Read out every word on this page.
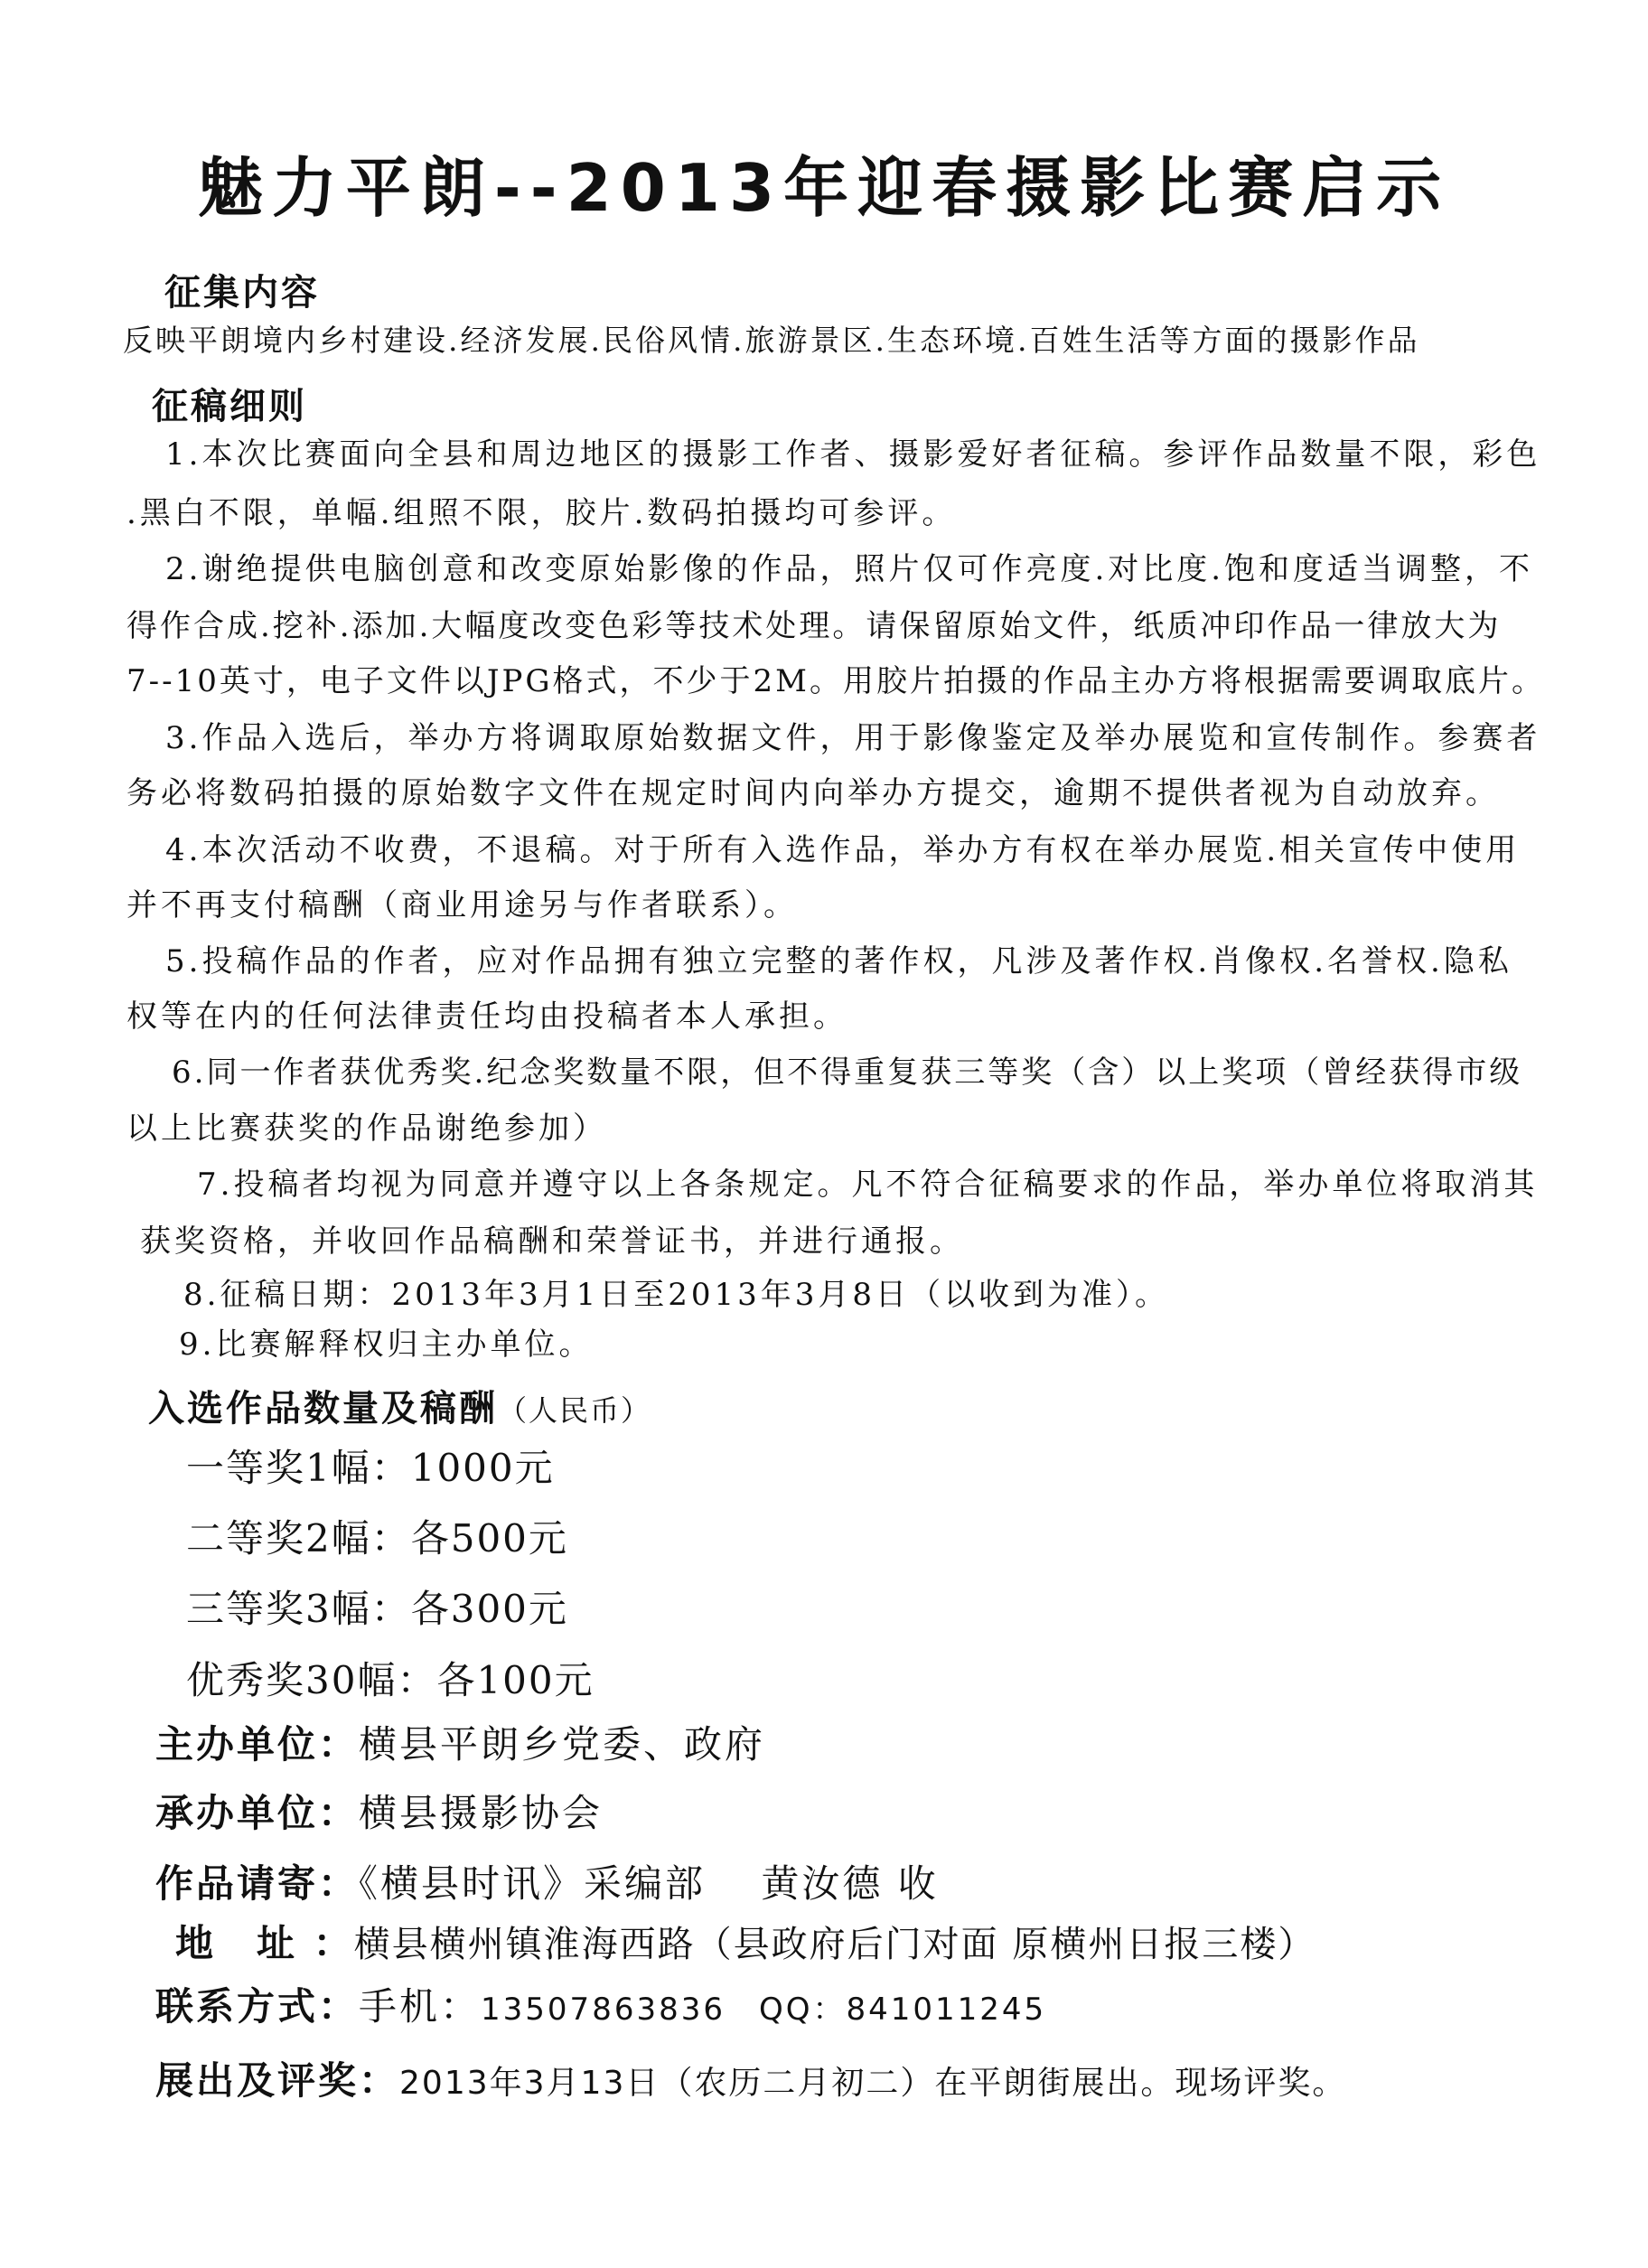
魅力平朗--2013年迎春摄影比赛启示
征集内容
反映平朗境内乡村建设.经济发展.民俗风情.旅游景区.生态环境.百姓生活等方面的摄影作品
征稿细则
1.本次比赛面向全县和周边地区的摄影工作者、摄影爱好者征稿。参评作品数量不限，彩色
.黑白不限，单幅.组照不限，胶片.数码拍摄均可参评。
2.谢绝提供电脑创意和改变原始影像的作品，照片仅可作亮度.对比度.饱和度适当调整，不
得作合成.挖补.添加.大幅度改变色彩等技术处理。请保留原始文件，纸质冲印作品一律放大为
7--10英寸，电子文件以JPG格式，不少于2M。用胶片拍摄的作品主办方将根据需要调取底片。
3.作品入选后，举办方将调取原始数据文件，用于影像鉴定及举办展览和宣传制作。参赛者
务必将数码拍摄的原始数字文件在规定时间内向举办方提交，逾期不提供者视为自动放弃。
4.本次活动不收费，不退稿。对于所有入选作品，举办方有权在举办展览.相关宣传中使用
并不再支付稿酬（商业用途另与作者联系）。
5.投稿作品的作者，应对作品拥有独立完整的著作权，凡涉及著作权.肖像权.名誉权.隐私
权等在内的任何法律责任均由投稿者本人承担。
6.同一作者获优秀奖.纪念奖数量不限，但不得重复获三等奖（含）以上奖项（曾经获得市级
以上比赛获奖的作品谢绝参加）
7.投稿者均视为同意并遵守以上各条规定。凡不符合征稿要求的作品，举办单位将取消其
获奖资格，并收回作品稿酬和荣誉证书，并进行通报。
8.征稿日期：2013年3月1日至2013年3月8日（以收到为准）。
9.比赛解释权归主办单位。
入选作品数量及稿酬（人民币）
一等奖1幅：1000元
二等奖2幅：各500元
三等奖3幅：各300元
优秀奖30幅：各100元
主办单位：横县平朗乡党委、政府
承办单位：横县摄影协会
作品请寄：《横县时讯》采编部　 黄汝德 收
地　址 ：横县横州镇淮海西路（县政府后门对面 原横州日报三楼）
联系方式：手机：13507863836　QQ：841011245
展出及评奖：2013年3月13日（农历二月初二）在平朗街展出。现场评奖。
